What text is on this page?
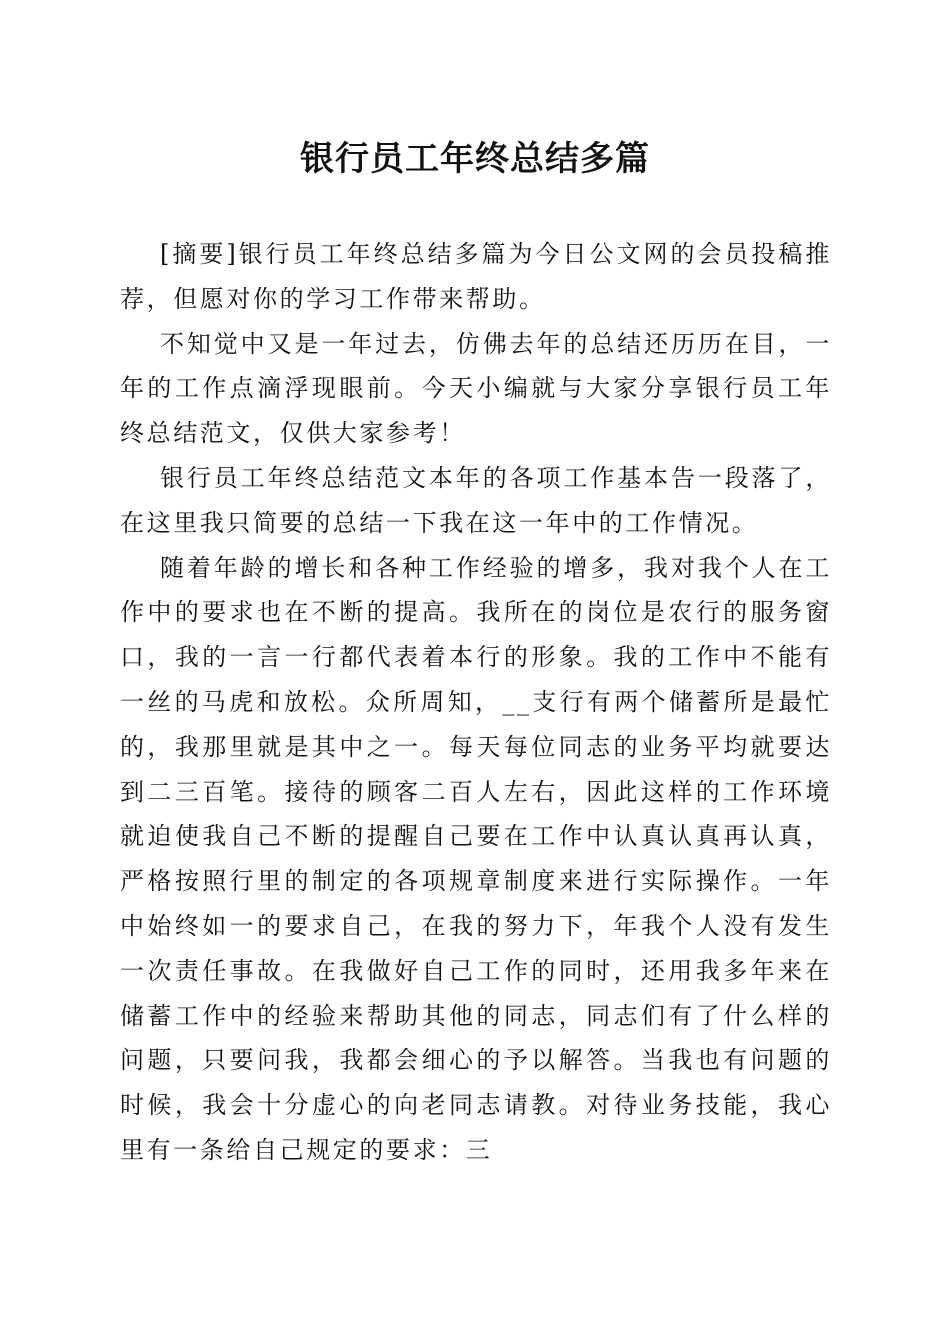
银行员工年终总结多篇

[摘要]银行员工年终总结多篇为今日公文网的会员投稿推荐，但愿对你的学习工作带来帮助。

不知觉中又是一年过去，仿佛去年的总结还历历在目，一年的工作点滴浮现眼前。今天小编就与大家分享银行员工年终总结范文，仅供大家参考！

银行员工年终总结范文本年的各项工作基本告一段落了，在这里我只简要的总结一下我在这一年中的工作情况。

随着年龄的增长和各种工作经验的增多，我对我个人在工作中的要求也在不断的提高。我所在的岗位是农行的服务窗口，我的一言一行都代表着本行的形象。我的工作中不能有一丝的马虎和放松。众所周知，__支行有两个储蓄所是最忙的，我那里就是其中之一。每天每位同志的业务平均就要达到二三百笔。接待的顾客二百人左右，因此这样的工作环境就迫使我自己不断的提醒自己要在工作中认真认真再认真，严格按照行里的制定的各项规章制度来进行实际操作。一年中始终如一的要求自己，在我的努力下，年我个人没有发生一次责任事故。在我做好自己工作的同时，还用我多年来在储蓄工作中的经验来帮助其他的同志，同志们有了什么样的问题，只要问我，我都会细心的予以解答。当我也有问题的时候，我会十分虚心的向老同志请教。对待业务技能，我心里有一条给自己规定的要求：三
